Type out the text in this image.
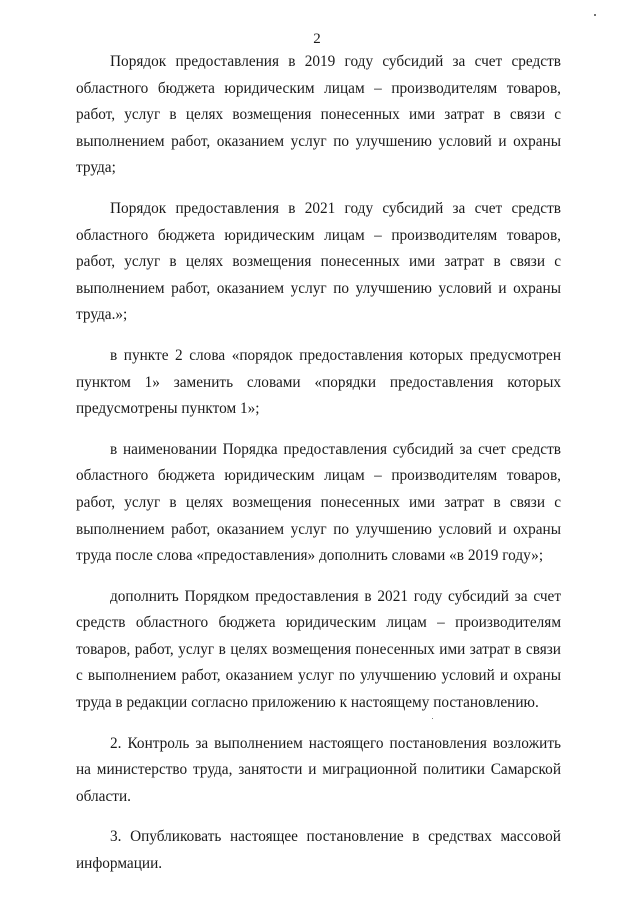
2

Порядок предоставления в 2019 году субсидий за счет средств областного бюджета юридическим лицам – производителям товаров, работ, услуг в целях возмещения понесенных ими затрат в связи с выполнением работ, оказанием услуг по улучшению условий и охраны труда;

Порядок предоставления в 2021 году субсидий за счет средств областного бюджета юридическим лицам – производителям товаров, работ, услуг в целях возмещения понесенных ими затрат в связи с выполнением работ, оказанием услуг по улучшению условий и охраны труда.»;

в пункте 2 слова «порядок предоставления которых предусмотрен пунктом 1» заменить словами «порядки предоставления которых предусмотрены пунктом 1»;

в наименовании Порядка предоставления субсидий за счет средств областного бюджета юридическим лицам – производителям товаров, работ, услуг в целях возмещения понесенных ими затрат в связи с выполнением работ, оказанием услуг по улучшению условий и охраны труда после слова «предоставления» дополнить словами «в 2019 году»;

дополнить Порядком предоставления в 2021 году субсидий за счет средств областного бюджета юридическим лицам – производителям товаров, работ, услуг в целях возмещения понесенных ими затрат в связи с выполнением работ, оказанием услуг по улучшению условий и охраны труда в редакции согласно приложению к настоящему постановлению.

2. Контроль за выполнением настоящего постановления возложить на министерство труда, занятости и миграционной политики Самарской области.

3. Опубликовать настоящее постановление в средствах массовой информации.
